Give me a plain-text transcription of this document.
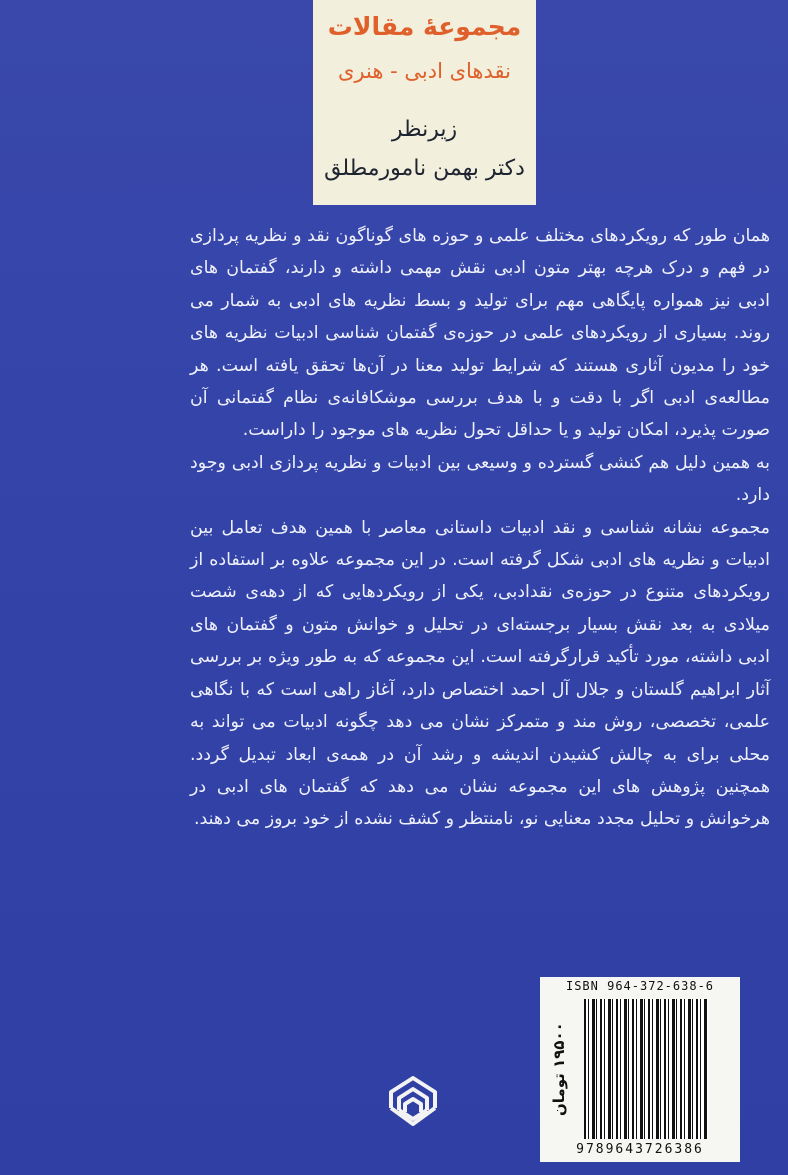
مجموعهٔ مقالات
نقدهای ادبی - هنری
زیرنظر
دکتر بهمن نامورمطلق

همان طور که رویکردهای مختلف علمی و حوزه های گوناگون نقد و نظریه پردازی در فهم و درک هرچه بهتر متون ادبی نقش مهمی داشته و دارند، گفتمان های ادبی نیز همواره پایگاهی مهم برای تولید و بسط نظریه های ادبی به شمار می روند. بسیاری از رویکردهای علمی در حوزه‌ی گفتمان شناسی ادبیات نظریه های خود را مدیون آثاری هستند که شرایط تولید معنا در آن‌ها تحقق یافته است. هر مطالعه‌ی ادبی اگر با دقت و با هدف بررسی موشکافانه‌ی نظام گفتمانی آن صورت پذیرد، امکان تولید و یا حداقل تحول نظریه های موجود را داراست.

به همین دلیل هم کنشی گسترده و وسیعی بین ادبیات و نظریه پردازی ادبی وجود دارد.

مجموعه نشانه شناسی و نقد ادبیات داستانی معاصر با همین هدف تعامل بین ادبیات و نظریه های ادبی شکل گرفته است. در این مجموعه علاوه بر استفاده از رویکردهای متنوع در حوزه‌ی نقدادبی، یکی از رویکردهایی که از دهه‌ی شصت میلادی به بعد نقش بسیار برجسته‌ای در تحلیل و خوانش متون و گفتمان های ادبی داشته، مورد تأکید قرارگرفته است. این مجموعه که به طور ویژه بر بررسی آثار ابراهیم گلستان و جلال آل احمد اختصاص دارد، آغاز راهی است که با نگاهی علمی، تخصصی، روش مند و متمرکز نشان می دهد چگونه ادبیات می تواند به محلی برای به چالش کشیدن اندیشه و رشد آن در همه‌ی ابعاد تبدیل گردد. همچنین پژوهش های این مجموعه نشان می دهد که گفتمان های ادبی در هرخوانش و تحلیل مجدد معنایی نو، نامنتظر و کشف نشده از خود بروز می دهند.

ISBN 964-372-638-6
۱۹۵۰۰ تومان
9789643726386
